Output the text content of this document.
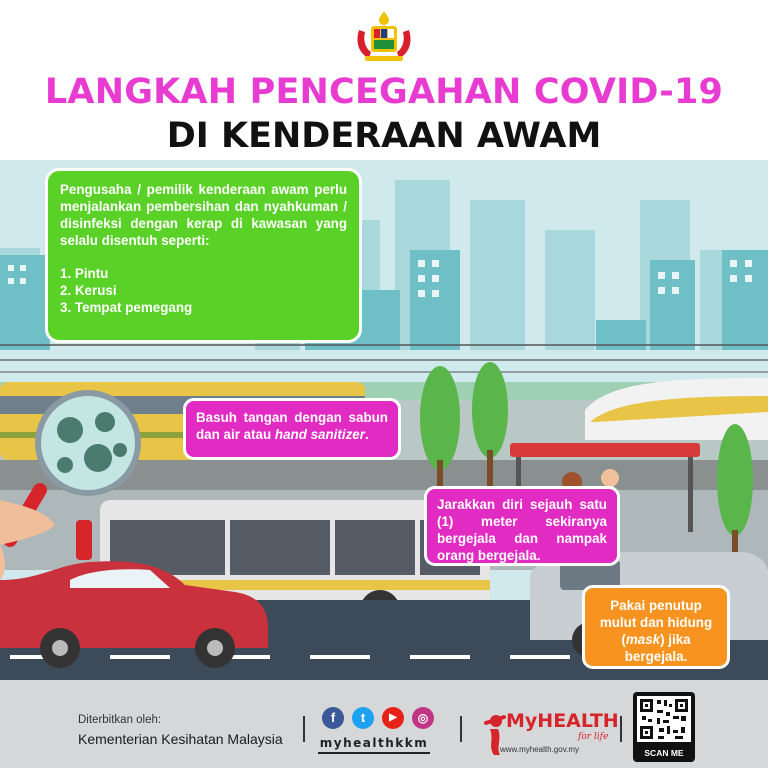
LANGKAH PENCEGAHAN COVID-19
DI KENDERAAN AWAM

Pengusaha / pemilik kenderaan awam perlu menjalankan pembersihan dan nyahkuman / disinfeksi dengan kerap di kawasan yang selalu disentuh seperti:

1. Pintu
2. Kerusi
3. Tempat pemegang
Basuh tangan dengan sabun dan air atau hand sanitizer.
Jarakkan diri sejauh satu (1) meter sekiranya bergejala dan nampak orang bergejala.
Pakai penutup mulut dan hidung (mask) jika bergejala.
Diterbitkan oleh:
Kementerian Kesihatan Malaysia
f	t	▶	◎
myhealthkkm
MyHEALTH
for life
www.myhealth.gov.my	SCAN ME
